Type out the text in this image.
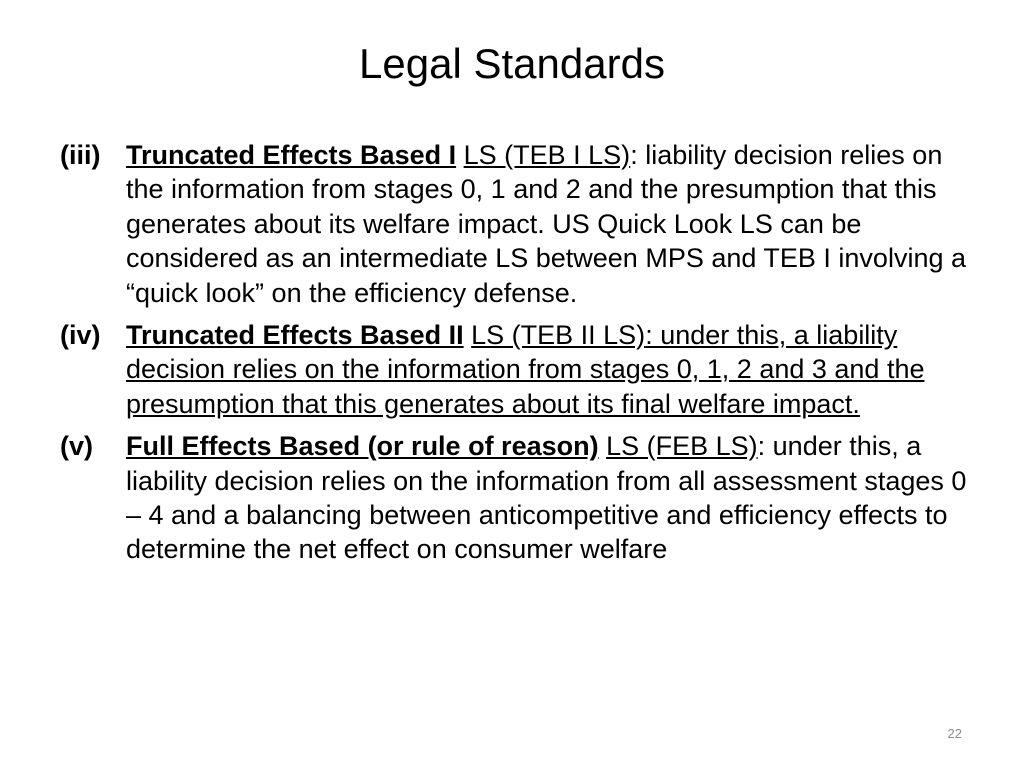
Legal Standards
(iii) Truncated Effects Based I LS (TEB I LS): liability decision relies on the information from stages 0, 1 and 2 and the presumption that this generates about its welfare impact. US Quick Look LS can be considered as an intermediate LS between MPS and TEB I involving a “quick look” on the efficiency defense.
(iv) Truncated Effects Based II LS (TEB II LS): under this, a liability decision relies on the information from stages 0, 1, 2 and 3 and the presumption that this generates about its final welfare impact.
(v)	Full Effects Based (or rule of reason) LS (FEB LS): under this, a liability decision relies on the information from all assessment stages 0 – 4 and a balancing between anticompetitive and efficiency effects to determine the net effect on consumer welfare
22
